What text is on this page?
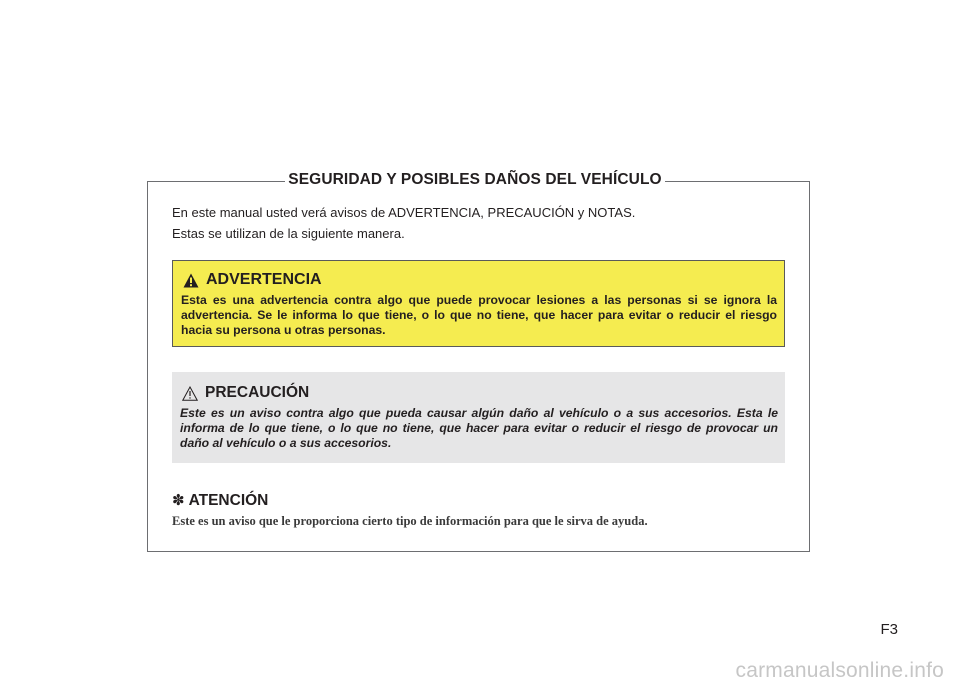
SEGURIDAD Y POSIBLES DAÑOS DEL VEHÍCULO
En este manual usted verá avisos de ADVERTENCIA, PRECAUCIÓN y NOTAS.
Estas se utilizan de la siguiente manera.
ADVERTENCIA
Esta es una advertencia contra algo que puede provocar lesiones a las personas si se ignora la advertencia. Se le informa lo que tiene, o lo que no tiene, que hacer para evitar o reducir el riesgo hacia su persona u otras personas.
PRECAUCIÓN
Este es un aviso contra algo que pueda causar algún daño al vehículo o a sus accesorios. Esta le informa de lo que tiene, o lo que no tiene, que hacer para evitar o reducir el riesgo de provocar un daño al vehículo o a sus accesorios.
✽ ATENCIÓN
Este es un aviso que le proporciona cierto tipo de información para que le sirva de ayuda.
F3
carmanualsonline.info
